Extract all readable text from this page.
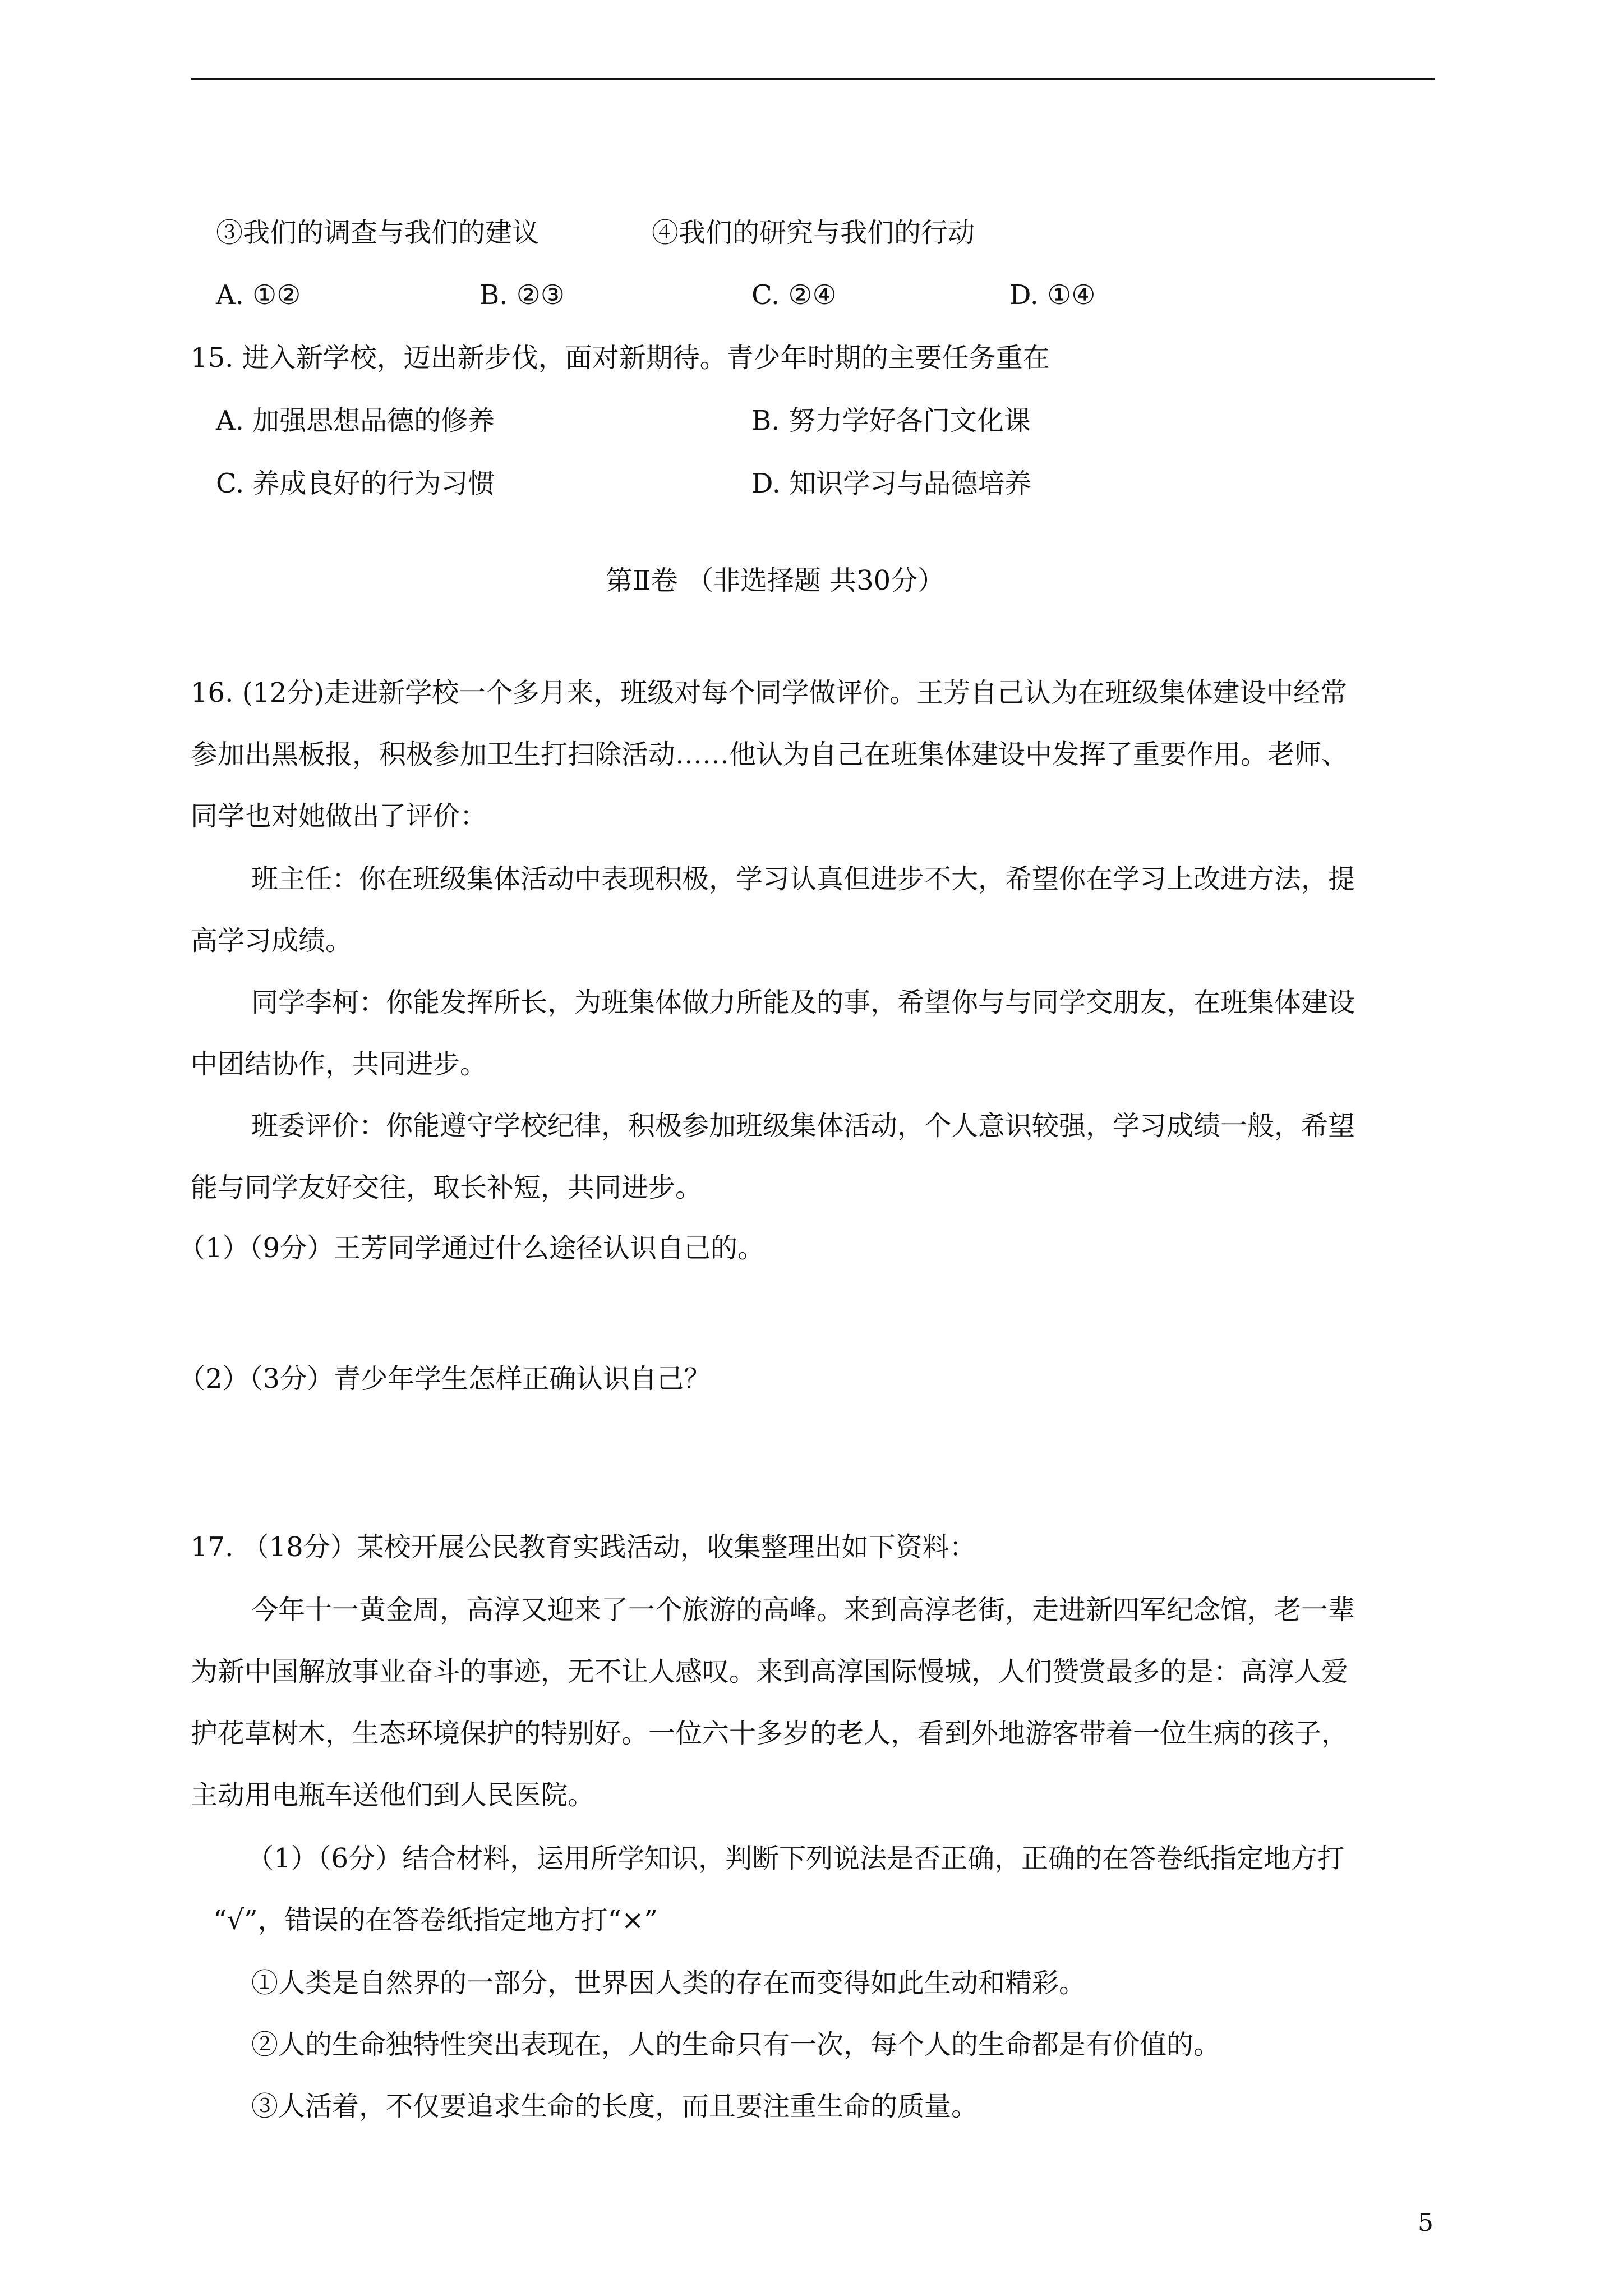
③我们的调查与我们的建议	④我们的研究与我们的行动
A. ①②	B. ②③	C. ②④	D. ①④
15. 进入新学校，迈出新步伐，面对新期待。青少年时期的主要任务重在
A. 加强思想品德的修养	B. 努力学好各门文化课
C. 养成良好的行为习惯	D. 知识学习与品德培养
第Ⅱ卷 （非选择题 共30分）
16. (12分)走进新学校一个多月来，班级对每个同学做评价。王芳自己认为在班级集体建设中经常
参加出黑板报，积极参加卫生打扫除活动……他认为自己在班集体建设中发挥了重要作用。老师、
同学也对她做出了评价：
班主任：你在班级集体活动中表现积极，学习认真但进步不大，希望你在学习上改进方法，提
高学习成绩。
同学李柯：你能发挥所长，为班集体做力所能及的事，希望你与与同学交朋友，在班集体建设
中团结协作，共同进步。
班委评价：你能遵守学校纪律，积极参加班级集体活动，个人意识较强，学习成绩一般，希望
能与同学友好交往，取长补短，共同进步。
（1）（9分）王芳同学通过什么途径认识自己的。
（2）（3分）青少年学生怎样正确认识自己？
17. （18分）某校开展公民教育实践活动，收集整理出如下资料：
今年十一黄金周，高淳又迎来了一个旅游的高峰。来到高淳老街，走进新四军纪念馆，老一辈
为新中国解放事业奋斗的事迹，无不让人感叹。来到高淳国际慢城，人们赞赏最多的是：高淳人爱
护花草树木，生态环境保护的特别好。一位六十多岁的老人，看到外地游客带着一位生病的孩子，
主动用电瓶车送他们到人民医院。
（1）（6分）结合材料，运用所学知识，判断下列说法是否正确，正确的在答卷纸指定地方打
“√”，错误的在答卷纸指定地方打“×”
①人类是自然界的一部分，世界因人类的存在而变得如此生动和精彩。
②人的生命独特性突出表现在，人的生命只有一次，每个人的生命都是有价值的。
③人活着，不仅要追求生命的长度，而且要注重生命的质量。
5
